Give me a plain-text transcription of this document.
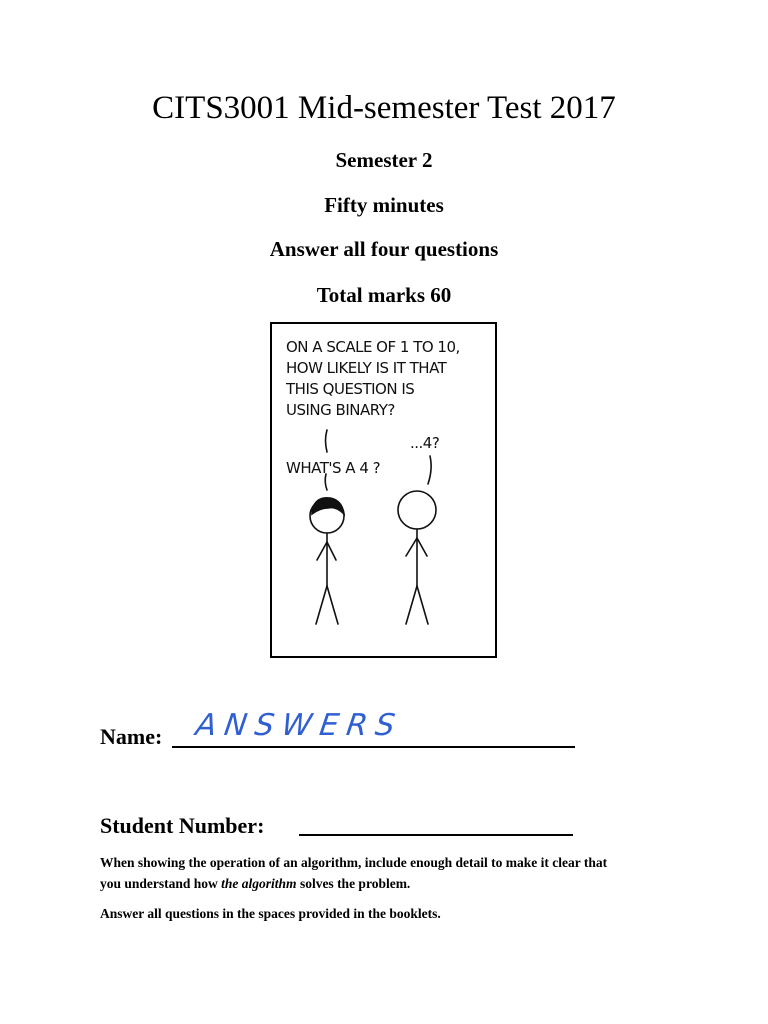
CITS3001 Mid-semester Test 2017
Semester 2
Fifty minutes
Answer all four questions
Total marks 60
ON A SCALE OF 1 TO 10,
HOW LIKELY IS IT THAT
THIS QUESTION IS
USING BINARY?
...4?
WHAT'S A 4 ?
Name: ANSWERS
Student Number:
When showing the operation of an algorithm, include enough detail to make it clear that
you understand how the algorithm solves the problem.
Answer all questions in the spaces provided in the booklets.
